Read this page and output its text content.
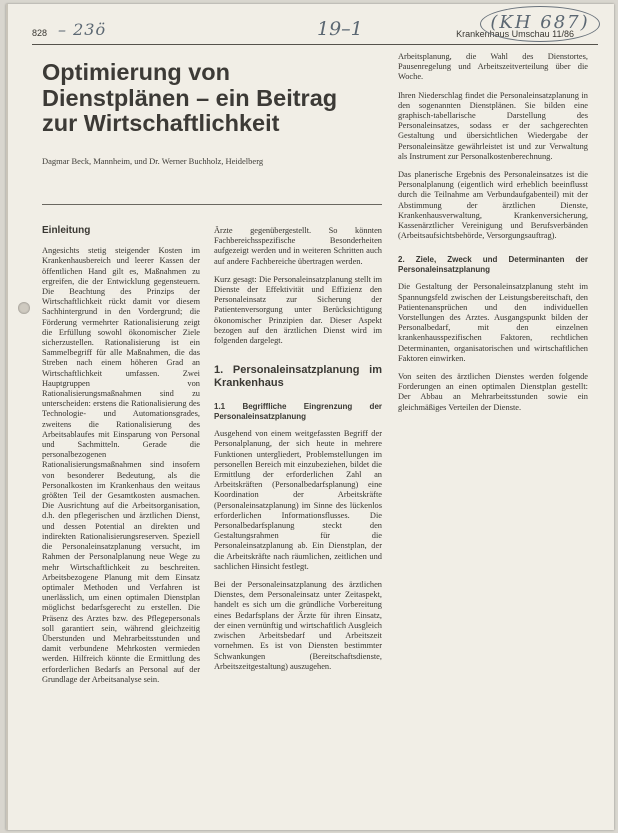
828 – 23ö	19–1	Krankenhaus Umschau 11/86
(KH 687)
Optimierung von Dienstplänen – ein Beitrag zur Wirtschaftlichkeit
Dagmar Beck, Mannheim, und Dr. Werner Buchholz, Heidelberg
Einleitung

Angesichts stetig steigender Kosten im Krankenhausbereich und leerer Kassen der öffentlichen Hand gilt es, Maßnahmen zu ergreifen, die der Entwicklung gegensteuern. Die Beachtung des Prinzips der Wirtschaftlichkeit rückt damit vor diesem Sachhintergrund in den Vordergrund; die Förderung vermehrter Rationalisierung zeigt die Erfüllung sowohl ökonomischer Ziele sicherzustellen. Rationalisierung ist ein Sammelbegriff für alle Maßnahmen, die das Streben nach einem höheren Grad an Wirtschaftlichkeit umfassen. Zwei Hauptgruppen von Rationalisierungsmaßnahmen sind zu unterscheiden: erstens die Rationalisierung des Technologie- und Automationsgrades, zweitens die Rationalisierung des Arbeitsablaufes mit Einsparung von Personal und Sachmitteln. Gerade die personalbezogenen Rationalisierungsmaßnahmen sind insofern von besonderer Bedeutung, als die Personalkosten im Krankenhaus den weitaus größten Teil der Gesamtkosten ausmachen. Die Ausrichtung auf die Arbeitsorganisation, d.h. den pflegerischen und ärztlichen Dienst, und dessen Potential an direkten und indirekten Rationalisierungsreserven. Speziell die Personaleinsatzplanung versucht, im Rahmen der Personalplanung neue Wege zu mehr Wirtschaftlichkeit zu beschreiten. Arbeitsbezogene Planung mit dem Einsatz optimaler Methoden und Verfahren ist unerlässlich, um einen optimalen Dienstplan möglichst bedarfsgerecht zu erstellen. Die Präsenz des Arztes bzw. des Pflegepersonals soll garantiert sein, während gleichzeitig Überstunden und Mehrarbeitsstunden und damit verbundene Mehrkosten vermieden werden. Hilfreich könnte die Ermittlung des erforderlichen Bedarfs an Personal auf der Grundlage der Arbeitsanalyse sein.

Ärzte gegenübergestellt. So könnten Fachbereichsspezifische Besonderheiten aufgezeigt werden und in weiteren Schritten auch auf andere Fachbereiche übertragen werden.

Kurz gesagt: Die Personaleinsatzplanung stellt im Dienste der Effektivität und Effizienz den Personaleinsatz zur Sicherung der Patientenversorgung unter Berücksichtigung ökonomischer Prinzipien dar. Dieser Aspekt bezogen auf den ärztlichen Dienst wird im folgenden dargelegt.

1. Personaleinsatzplanung im Krankenhaus
1.1 Begriffliche Eingrenzung der Personaleinsatzplanung

Ausgehend von einem weitgefassten Begriff der Personalplanung, der sich heute in mehrere Funktionen untergliedert, Problemstellungen im personellen Bereich mit einzubeziehen, bildet die Ermittlung der erforderlichen Zahl an Arbeitskräften (Personalbedarfsplanung) eine Koordination der Arbeitskräfte (Personaleinsatzplanung) im Sinne des lückenlos erforderlichen Informationsflusses. Die Personalbedarfsplanung steckt den Gestaltungsrahmen für die Personaleinsatzplanung ab. Ein Dienstplan, der die Arbeitskräfte nach räumlichen, zeitlichen und sachlichen Hinsicht festlegt.

Bei der Personaleinsatzplanung des ärztlichen Dienstes, dem Personaleinsatz unter Zeitaspekt, handelt es sich um die gründliche Vorbereitung eines Bedarfsplans der Ärzte für ihren Einsatz, der einen vernünftig und wirtschaftlich Ausgleich zwischen Arbeitsbedarf und Arbeitszeit vornehmen. Es ist von Diensten bestimmter Schwankungen (Bereitschaftsdienste, Arbeitszeitgestaltung) auszugehen.

Arbeitsplanung, die Wahl des Dienstortes, Pausenregelung und Arbeitszeitverteilung über die Woche.

Ihren Niederschlag findet die Personaleinsatzplanung in den sogenannten Dienstplänen. Sie bilden eine graphisch-tabellarische Darstellung des Personaleinsatzes, sodass er der sachgerechten Gestaltung und übersichtlichen Wiedergabe der Personaleinsätze gewährleistet ist und zur Verwaltung als Instrument zur Personalkostenberechnung.

Das planerische Ergebnis des Personaleinsatzes ist die Personalplanung (eigentlich wird erheblich beeinflusst durch die Teilnahme am Verbundaufgabenteil) mit der Abstimmung der ärztlichen Dienste, Krankenhausverwaltung, Krankenversicherung, Kassenärztlicher Vereinigung und Berufsverbänden (Arbeitsaufsichtsbehörde, Versorgungsauftrag).

2. Ziele, Zweck und Determinanten der Personaleinsatzplanung

Die Gestaltung der Personaleinsatzplanung steht im Spannungsfeld zwischen der Leistungsbereitschaft, den Patientenansprüchen und den individuellen Vorstellungen des Arztes. Ausgangspunkt bilden der Personalbedarf, mit den einzelnen krankenhausspezifischen Faktoren, rechtlichen Determinanten, organisatorischen und wirtschaftlichen Faktoren einwirken.

Von seiten des ärztlichen Dienstes werden folgende Forderungen an einen optimalen Dienstplan gestellt: Der Abbau an Mehrarbeitsstunden sowie ein gleichmäßiges Verteilen der Dienste.
